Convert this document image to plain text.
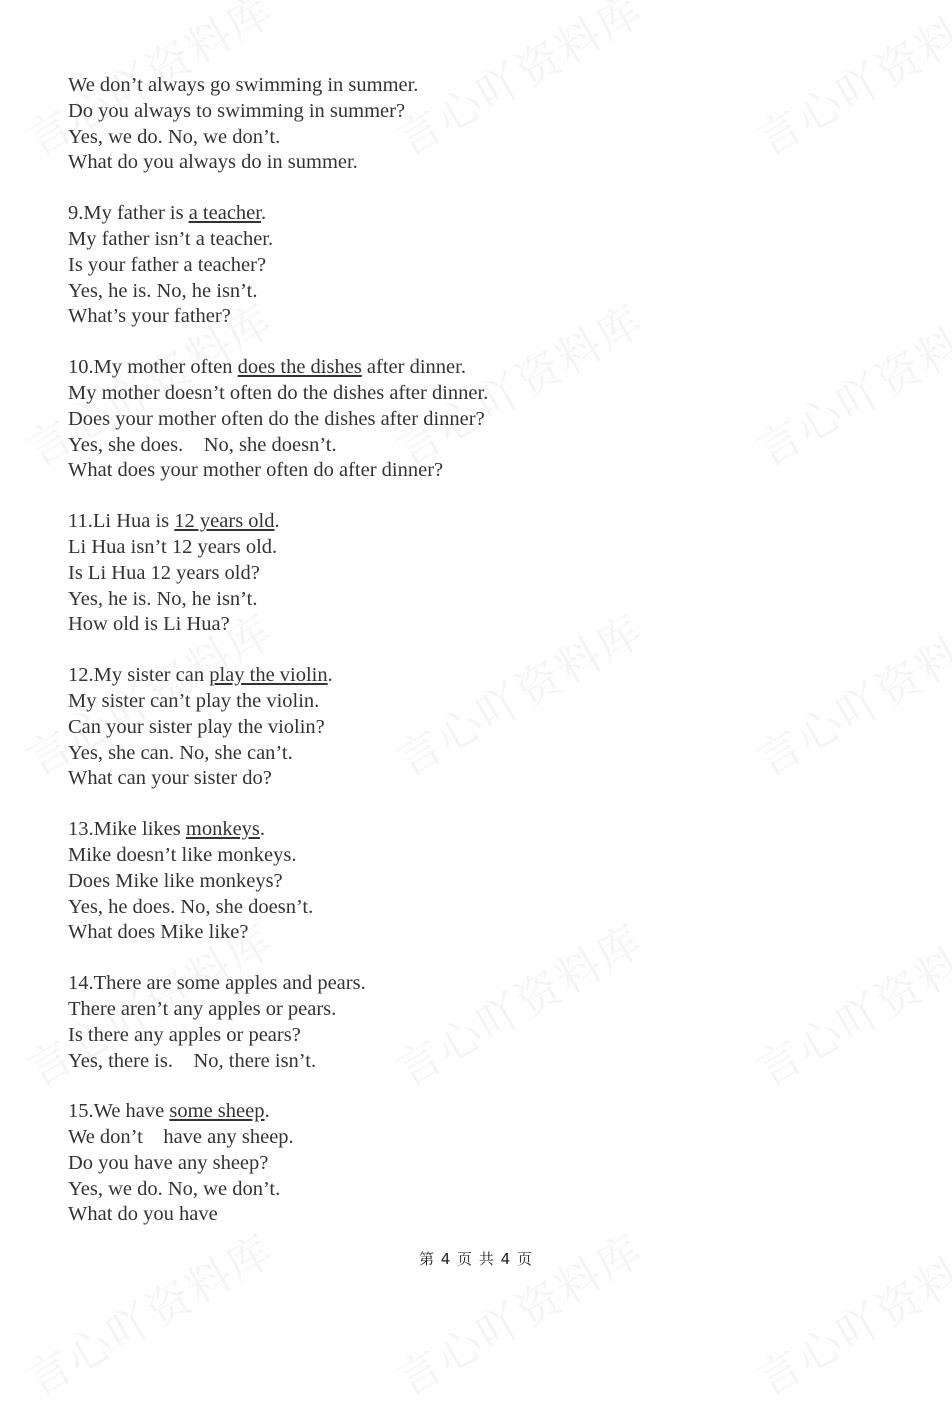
We don’t always go swimming in summer.
Do you always to swimming in summer?
Yes, we do. No, we don’t.
What do you always do in summer.
9.My father is a teacher.
My father isn’t a teacher.
Is your father a teacher?
Yes, he is. No, he isn’t.
What’s your father?
10.My mother often does the dishes after dinner.
My mother doesn’t often do the dishes after dinner.
Does your mother often do the dishes after dinner?
Yes, she does.    No, she doesn’t.
What does your mother often do after dinner?
11.Li Hua is 12 years old.
Li Hua isn’t 12 years old.
Is Li Hua 12 years old?
Yes, he is. No, he isn’t.
How old is Li Hua?
12.My sister can play the violin.
My sister can’t play the violin.
Can your sister play the violin?
Yes, she can. No, she can’t.
What can your sister do?
13.Mike likes monkeys.
Mike doesn’t like monkeys.
Does Mike like monkeys?
Yes, he does. No, she doesn’t.
What does Mike like?
14.There are some apples and pears.
There aren’t any apples or pears.
Is there any apples or pears?
Yes, there is.    No, there isn’t.
15.We have some sheep.
We don’t    have any sheep.
Do you have any sheep?
Yes, we do. No, we don’t.
What do you have
第 4 页 共 4 页
